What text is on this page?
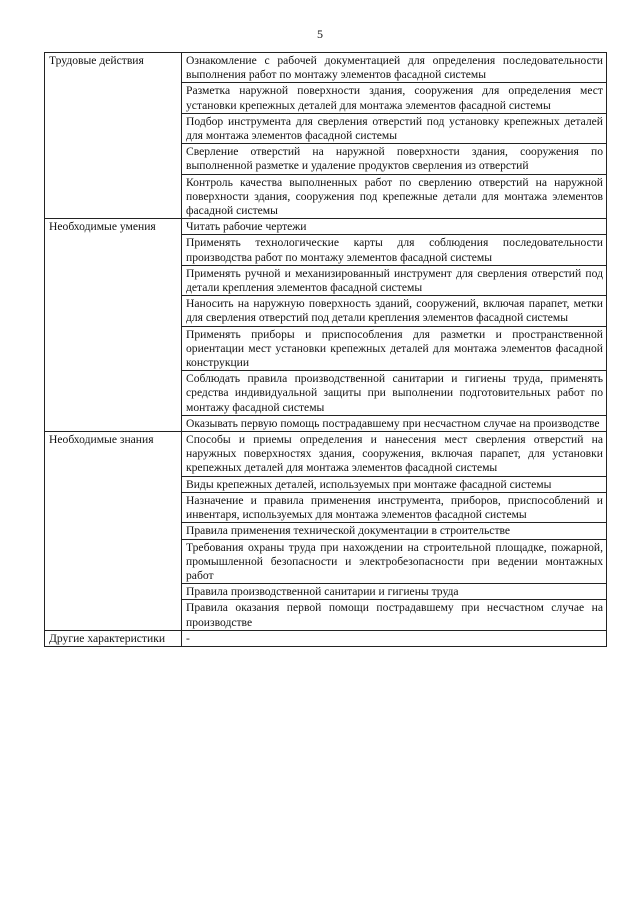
5
Трудовые действия	Ознакомление с рабочей документацией для определения последовательности выполнения работ по монтажу элементов фасадной системы
	Разметка наружной поверхности здания, сооружения для определения мест установки крепежных деталей для монтажа элементов фасадной системы
	Подбор инструмента для сверления отверстий под установку крепежных деталей для монтажа элементов фасадной системы
	Сверление отверстий на наружной поверхности здания, сооружения по выполненной разметке и удаление продуктов сверления из отверстий
	Контроль качества выполненных работ по сверлению отверстий на наружной поверхности здания, сооружения под крепежные детали для монтажа элементов фасадной системы
Необходимые умения	Читать рабочие чертежи
	Применять технологические карты для соблюдения последовательности производства работ по монтажу элементов фасадной системы
	Применять ручной и механизированный инструмент для сверления отверстий под детали крепления элементов фасадной системы
	Наносить на наружную поверхность зданий, сооружений, включая парапет, метки для сверления отверстий под детали крепления элементов фасадной системы
	Применять приборы и приспособления для разметки и пространственной ориентации мест установки крепежных деталей для монтажа элементов фасадной конструкции
	Соблюдать правила производственной санитарии и гигиены труда, применять средства индивидуальной защиты при выполнении подготовительных работ по монтажу фасадной системы
	Оказывать первую помощь пострадавшему при несчастном случае на производстве
Необходимые знания	Способы и приемы определения и нанесения мест сверления отверстий на наружных поверхностях здания, сооружения, включая парапет, для установки крепежных деталей для монтажа элементов фасадной системы
	Виды крепежных деталей, используемых при монтаже фасадной системы
	Назначение и правила применения инструмента, приборов, приспособлений и инвентаря, используемых для монтажа элементов фасадной системы
	Правила применения технической документации в строительстве
	Требования охраны труда при нахождении на строительной площадке, пожарной, промышленной безопасности и электробезопасности при ведении монтажных работ
	Правила производственной санитарии и гигиены труда
	Правила оказания первой помощи пострадавшему при несчастном случае на производстве
Другие характеристики	-
